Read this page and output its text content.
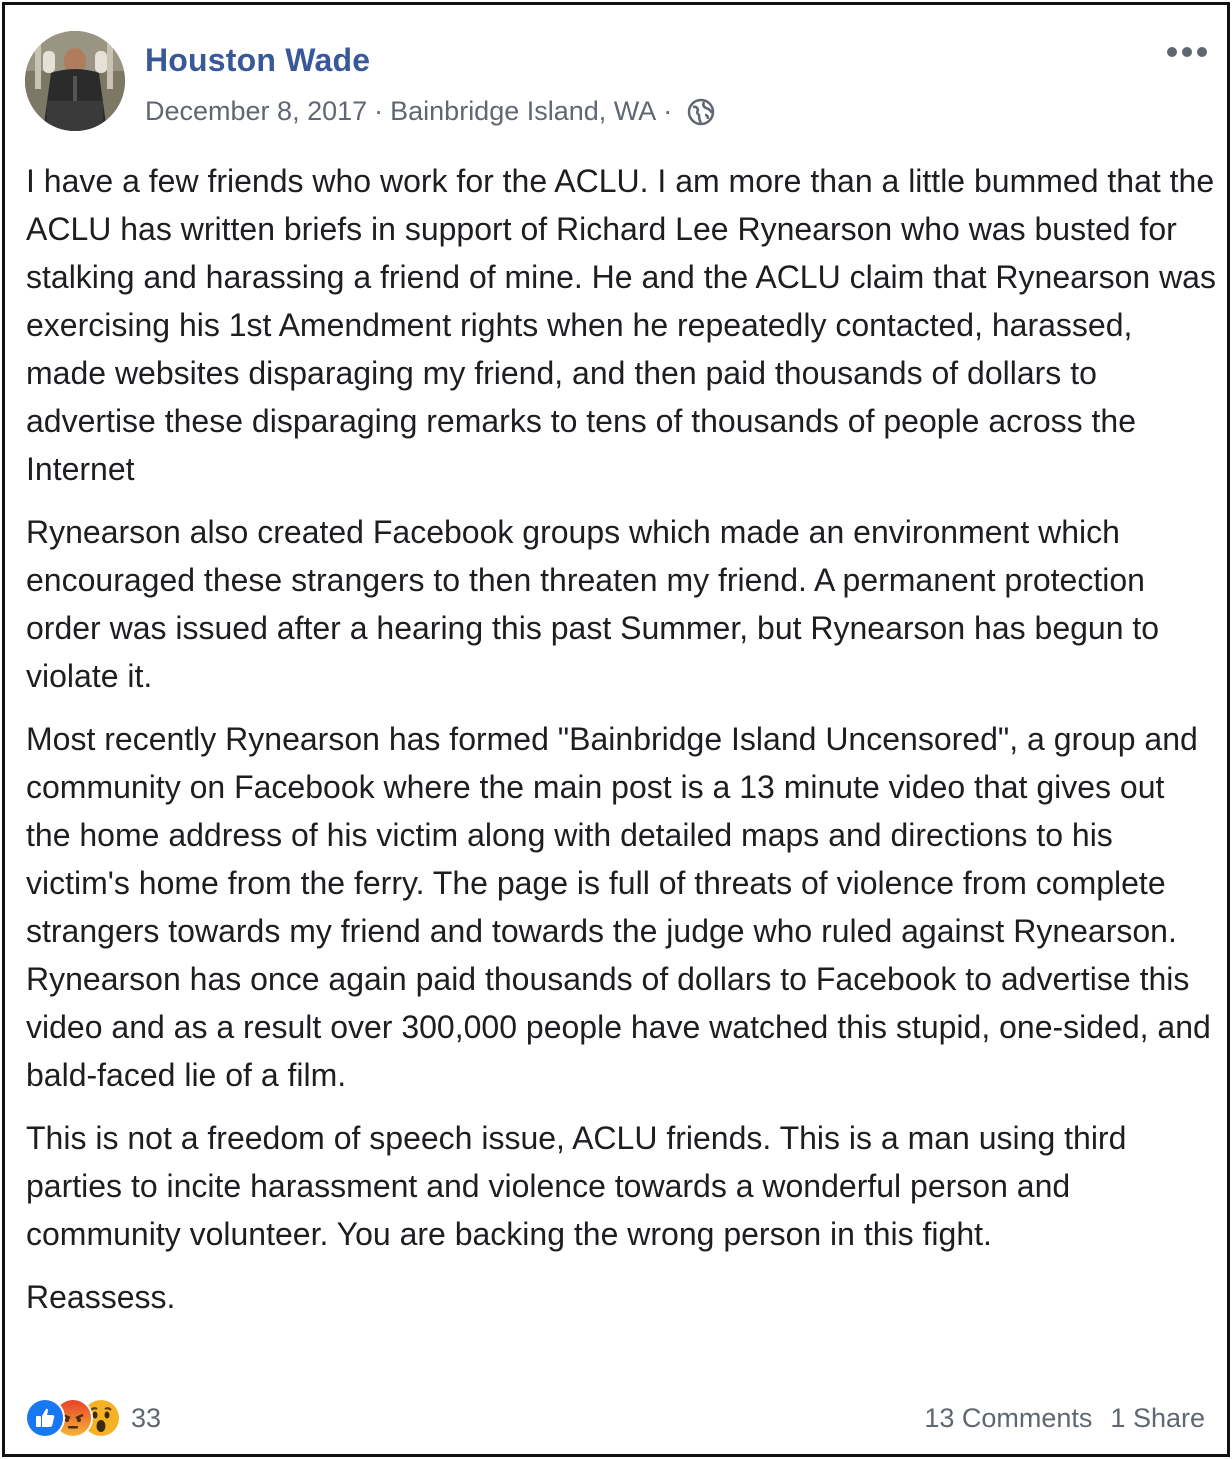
Houston Wade
December 8, 2017 · Bainbridge Island, WA ·

I have a few friends who work for the ACLU. I am more than a little bummed that the ACLU has written briefs in support of Richard Lee Rynearson who was busted for stalking and harassing a friend of mine. He and the ACLU claim that Rynearson was exercising his 1st Amendment rights when he repeatedly contacted, harassed, made websites disparaging my friend, and then paid thousands of dollars to advertise these disparaging remarks to tens of thousands of people across the Internet

Rynearson also created Facebook groups which made an environment which encouraged these strangers to then threaten my friend. A permanent protection order was issued after a hearing this past Summer, but Rynearson has begun to violate it.

Most recently Rynearson has formed "Bainbridge Island Uncensored", a group and community on Facebook where the main post is a 13 minute video that gives out the home address of his victim along with detailed maps and directions to his victim's home from the ferry. The page is full of threats of violence from complete strangers towards my friend and towards the judge who ruled against Rynearson. Rynearson has once again paid thousands of dollars to Facebook to advertise this video and as a result over 300,000 people have watched this stupid, one-sided, and bald-faced lie of a film.

This is not a freedom of speech issue, ACLU friends. This is a man using third parties to incite harassment and violence towards a wonderful person and community volunteer. You are backing the wrong person in this fight.

Reassess.

33	13 Comments 1 Share
